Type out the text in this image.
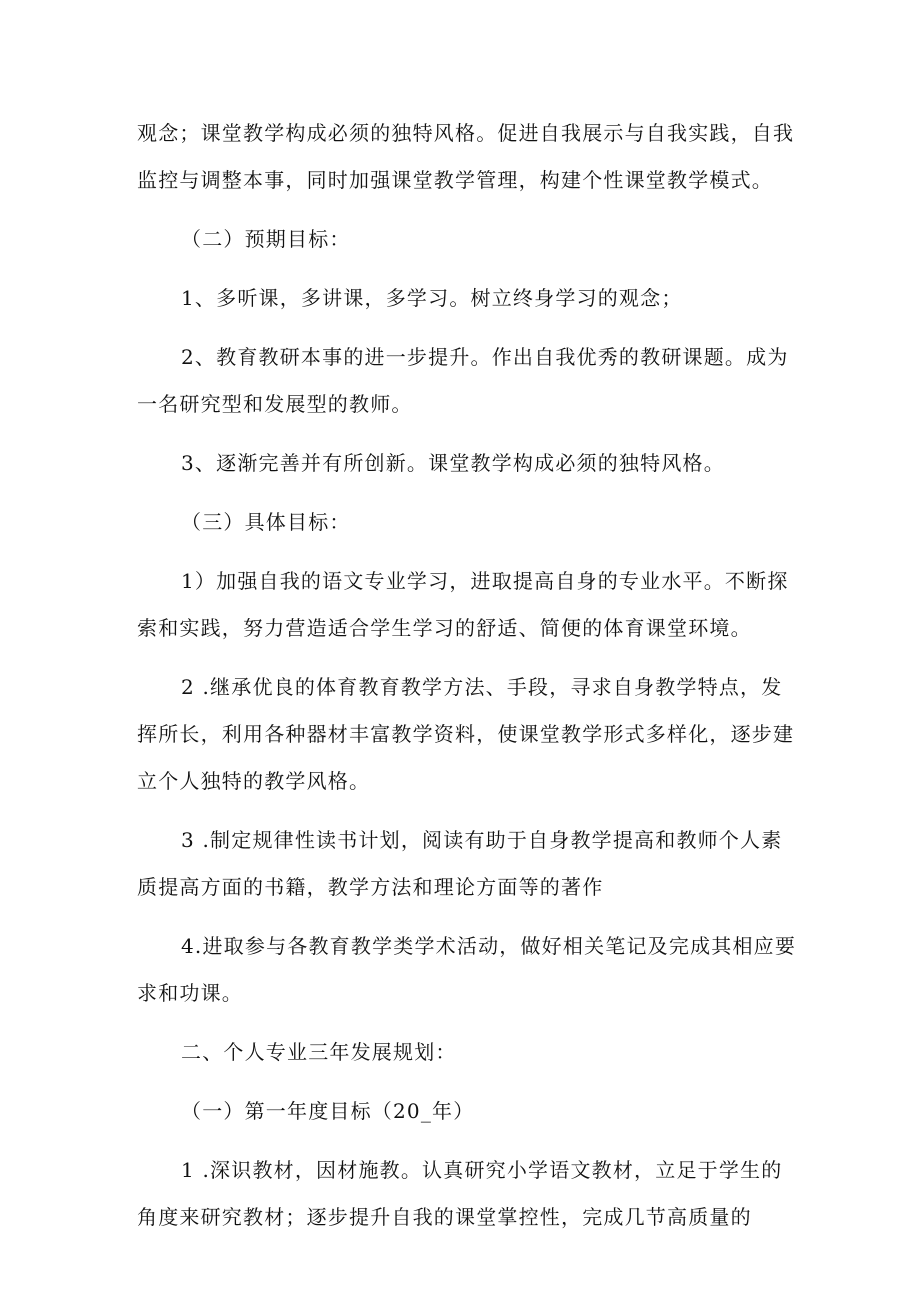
观念；课堂教学构成必须的独特风格。促进自我展示与自我实践，自我监控与调整本事，同时加强课堂教学管理，构建个性课堂教学模式。

（二）预期目标：

1、多听课，多讲课，多学习。树立终身学习的观念；

2、教育教研本事的进一步提升。作出自我优秀的教研课题。成为一名研究型和发展型的教师。

3、逐渐完善并有所创新。课堂教学构成必须的独特风格。

（三）具体目标：

1）加强自我的语文专业学习，进取提高自身的专业水平。不断探索和实践，努力营造适合学生学习的舒适、简便的体育课堂环境。

2 .继承优良的体育教育教学方法、手段，寻求自身教学特点，发挥所长，利用各种器材丰富教学资料，使课堂教学形式多样化，逐步建立个人独特的教学风格。

3 .制定规律性读书计划，阅读有助于自身教学提高和教师个人素质提高方面的书籍，教学方法和理论方面等的著作

4.进取参与各教育教学类学术活动，做好相关笔记及完成其相应要求和功课。

二、个人专业三年发展规划：

（一）第一年度目标（20_年）

1 .深识教材，因材施教。认真研究小学语文教材，立足于学生的角度来研究教材；逐步提升自我的课堂掌控性，完成几节高质量的
